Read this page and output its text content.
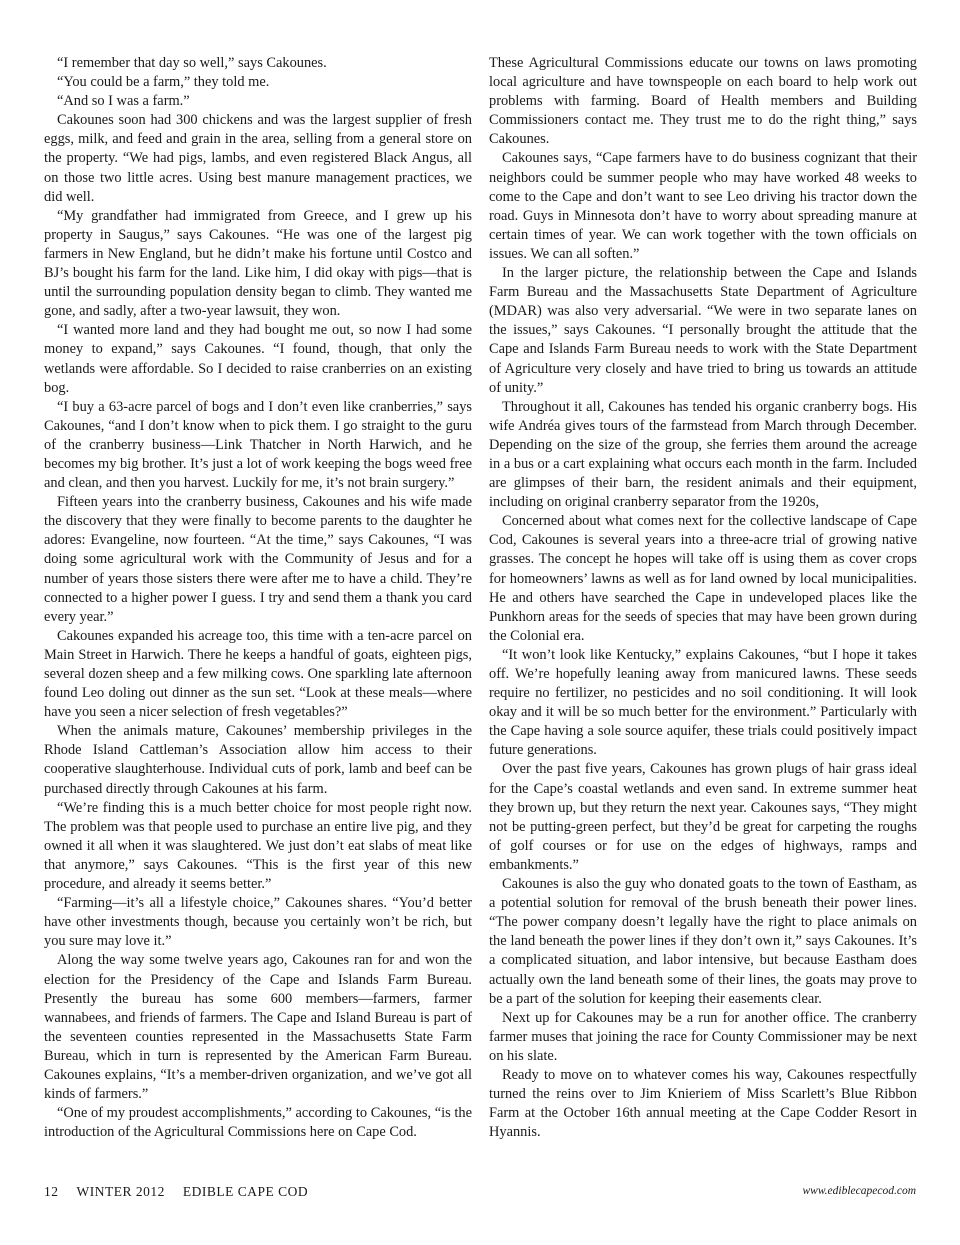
“I remember that day so well,” says Cakounes.

“You could be a farm,” they told me.

“And so I was a farm.”

Cakounes soon had 300 chickens and was the largest supplier of fresh eggs, milk, and feed and grain in the area, selling from a general store on the property. “We had pigs, lambs, and even registered Black Angus, all on those two little acres. Using best manure management practices, we did well.

“My grandfather had immigrated from Greece, and I grew up his property in Saugus,” says Cakounes. “He was one of the largest pig farmers in New England, but he didn’t make his fortune until Costco and BJ’s bought his farm for the land. Like him, I did okay with pigs—that is until the surrounding population density began to climb. They wanted me gone, and sadly, after a two-year lawsuit, they won.

“I wanted more land and they had bought me out, so now I had some money to expand,” says Cakounes. “I found, though, that only the wetlands were affordable. So I decided to raise cranberries on an existing bog.

“I buy a 63-acre parcel of bogs and I don’t even like cranberries,” says Cakounes, “and I don’t know when to pick them. I go straight to the guru of the cranberry business—Link Thatcher in North Harwich, and he becomes my big brother. It’s just a lot of work keeping the bogs weed free and clean, and then you harvest. Luckily for me, it’s not brain surgery.”

Fifteen years into the cranberry business, Cakounes and his wife made the discovery that they were finally to become parents to the daughter he adores: Evangeline, now fourteen. “At the time,” says Cakounes, “I was doing some agricultural work with the Community of Jesus and for a number of years those sisters there were after me to have a child. They’re connected to a higher power I guess. I try and send them a thank you card every year.”

Cakounes expanded his acreage too, this time with a ten-acre parcel on Main Street in Harwich. There he keeps a handful of goats, eighteen pigs, several dozen sheep and a few milking cows. One sparkling late afternoon found Leo doling out dinner as the sun set. “Look at these meals—where have you seen a nicer selection of fresh vegetables?”

When the animals mature, Cakounes’ membership privileges in the Rhode Island Cattleman’s Association allow him access to their cooperative slaughterhouse. Individual cuts of pork, lamb and beef can be purchased directly through Cakounes at his farm.

“We’re finding this is a much better choice for most people right now. The problem was that people used to purchase an entire live pig, and they owned it all when it was slaughtered. We just don’t eat slabs of meat like that anymore,” says Cakounes. “This is the first year of this new procedure, and already it seems better.”

“Farming—it’s all a lifestyle choice,” Cakounes shares. “You’d better have other investments though, because you certainly won’t be rich, but you sure may love it.”

Along the way some twelve years ago, Cakounes ran for and won the election for the Presidency of the Cape and Islands Farm Bureau. Presently the bureau has some 600 members—farmers, farmer wannabees, and friends of farmers. The Cape and Island Bureau is part of the seventeen counties represented in the Massachusetts State Farm Bureau, which in turn is represented by the American Farm Bureau. Cakounes explains, “It’s a member-driven organization, and we’ve got all kinds of farmers.”

“One of my proudest accomplishments,” according to Cakounes, “is the introduction of the Agricultural Commissions here on Cape Cod.

These Agricultural Commissions educate our towns on laws promoting local agriculture and have townspeople on each board to help work out problems with farming. Board of Health members and Building Commissioners contact me. They trust me to do the right thing,” says Cakounes.

Cakounes says, “Cape farmers have to do business cognizant that their neighbors could be summer people who may have worked 48 weeks to come to the Cape and don’t want to see Leo driving his tractor down the road. Guys in Minnesota don’t have to worry about spreading manure at certain times of year. We can work together with the town officials on issues. We can all soften.”

In the larger picture, the relationship between the Cape and Islands Farm Bureau and the Massachusetts State Department of Agriculture (MDAR) was also very adversarial. “We were in two separate lanes on the issues,” says Cakounes. “I personally brought the attitude that the Cape and Islands Farm Bureau needs to work with the State Department of Agriculture very closely and have tried to bring us towards an attitude of unity.”

Throughout it all, Cakounes has tended his organic cranberry bogs. His wife Andréa gives tours of the farmstead from March through December. Depending on the size of the group, she ferries them around the acreage in a bus or a cart explaining what occurs each month in the farm. Included are glimpses of their barn, the resident animals and their equipment, including on original cranberry separator from the 1920s,

Concerned about what comes next for the collective landscape of Cape Cod, Cakounes is several years into a three-acre trial of growing native grasses. The concept he hopes will take off is using them as cover crops for homeowners’ lawns as well as for land owned by local municipalities. He and others have searched the Cape in undeveloped places like the Punkhorn areas for the seeds of species that may have been grown during the Colonial era.

“It won’t look like Kentucky,” explains Cakounes, “but I hope it takes off. We’re hopefully leaning away from manicured lawns. These seeds require no fertilizer, no pesticides and no soil conditioning. It will look okay and it will be so much better for the environment.” Particularly with the Cape having a sole source aquifer, these trials could positively impact future generations.

Over the past five years, Cakounes has grown plugs of hair grass ideal for the Cape’s coastal wetlands and even sand. In extreme summer heat they brown up, but they return the next year. Cakounes says, “They might not be putting-green perfect, but they’d be great for carpeting the roughs of golf courses or for use on the edges of highways, ramps and embankments.”

Cakounes is also the guy who donated goats to the town of Eastham, as a potential solution for removal of the brush beneath their power lines. “The power company doesn’t legally have the right to place animals on the land beneath the power lines if they don’t own it,” says Cakounes. It’s a complicated situation, and labor intensive, but because Eastham does actually own the land beneath some of their lines, the goats may prove to be a part of the solution for keeping their easements clear.

Next up for Cakounes may be a run for another office. The cranberry farmer muses that joining the race for County Commissioner may be next on his slate.

Ready to move on to whatever comes his way, Cakounes respectfully turned the reins over to Jim Knieriem of Miss Scarlett’s Blue Ribbon Farm at the October 16th annual meeting at the Cape Codder Resort in Hyannis.

12 WINTER 2012 EDIBLE CAPE COD	www.ediblecapecod.com
